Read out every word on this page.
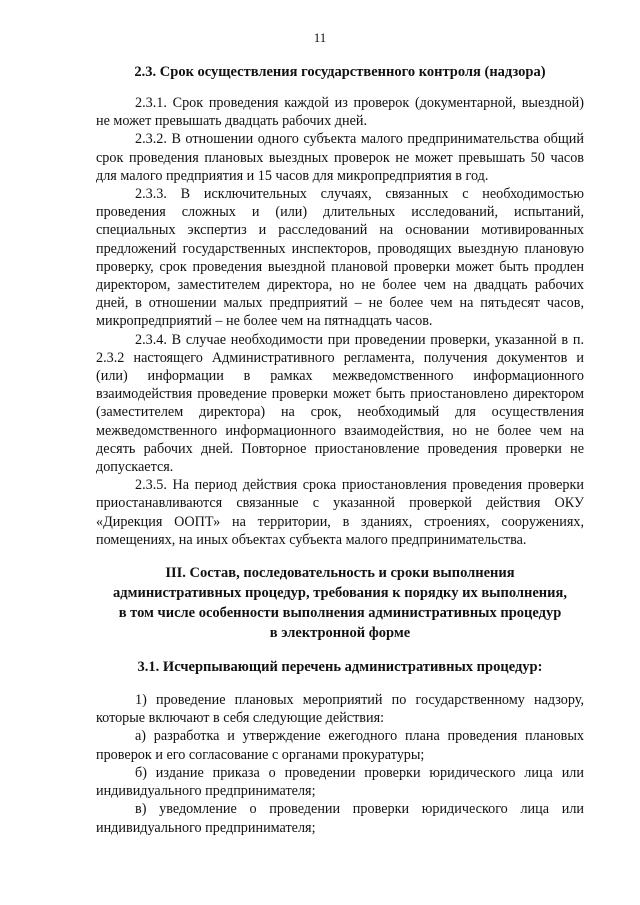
11
2.3. Срок осуществления государственного контроля (надзора)

2.3.1. Срок проведения каждой из проверок (документарной, выездной) не может превышать двадцать рабочих дней.

2.3.2. В отношении одного субъекта малого предпринимательства общий срок проведения плановых выездных проверок не может превышать 50 часов для малого предприятия и 15 часов для микропредприятия в год.

2.3.3. В исключительных случаях, связанных с необходимостью проведения сложных и (или) длительных исследований, испытаний, специальных экспертиз и расследований на основании мотивированных предложений государственных инспекторов, проводящих выездную плановую проверку, срок проведения выездной плановой проверки может быть продлен директором, заместителем директора, но не более чем на двадцать рабочих дней, в отношении малых предприятий – не более чем на пятьдесят часов, микропредприятий – не более чем на пятнадцать часов.

2.3.4. В случае необходимости при проведении проверки, указанной в п. 2.3.2 настоящего Административного регламента, получения документов и (или) информации в рамках межведомственного информационного взаимодействия проведение проверки может быть приостановлено директором (заместителем директора) на срок, необходимый для осуществления межведомственного информационного взаимодействия, но не более чем на десять рабочих дней. Повторное приостановление проведения проверки не допускается.

2.3.5. На период действия срока приостановления проведения проверки приостанавливаются связанные с указанной проверкой действия ОКУ «Дирекция ООПТ» на территории, в зданиях, строениях, сооружениях, помещениях, на иных объектах субъекта малого предпринимательства.

III. Состав, последовательность и сроки выполнения
административных процедур, требования к порядку их выполнения,
в том числе особенности выполнения административных процедур
в электронной форме
3.1. Исчерпывающий перечень административных процедур:

1) проведение плановых мероприятий по государственному надзору, которые включают в себя следующие действия:

а) разработка и утверждение ежегодного плана проведения плановых проверок и его согласование с органами прокуратуры;

б) издание приказа о проведении проверки юридического лица или индивидуального предпринимателя;

в) уведомление о проведении проверки юридического лица или индивидуального предпринимателя;
